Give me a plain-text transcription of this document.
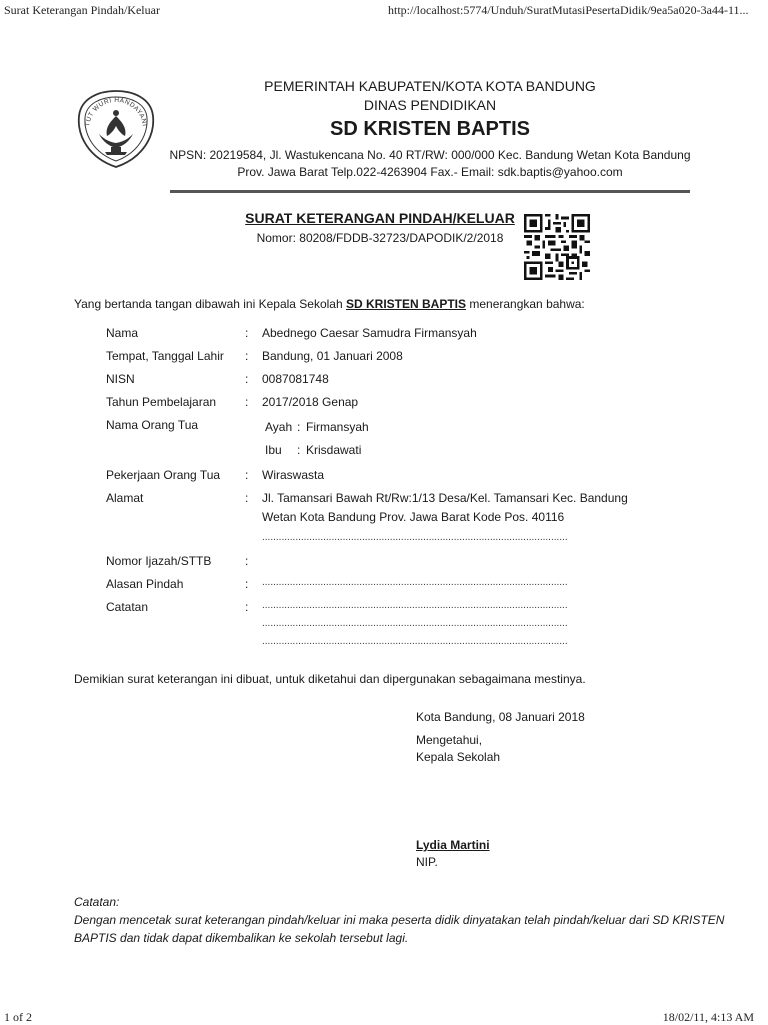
Surat Keterangan Pindah/Keluar	http://localhost:5774/Unduh/SuratMutasiPesertaDidik/9ea5a020-3a44-11...
TUT WURI HANDAYANI
PEMERINTAH KABUPATEN/KOTA KOTA BANDUNG
DINAS PENDIDIKAN
SD KRISTEN BAPTIS
NPSN: 20219584, Jl. Wastukencana No. 40 RT/RW: 000/000 Kec. Bandung Wetan Kota Bandung
Prov. Jawa Barat Telp.022-4263904 Fax.- Email: sdk.baptis@yahoo.com
SURAT KETERANGAN PINDAH/KELUAR
Nomor: 80208/FDDB-32723/DAPODIK/2/2018
Yang bertanda tangan dibawah ini Kepala Sekolah SD KRISTEN BAPTIS menerangkan bahwa:
Nama	: Abednego Caesar Samudra Firmansyah
Tempat, Tanggal Lahir : Bandung, 01 Januari 2008
NISN	: 0087081748
Tahun Pembelajaran : 2017/2018 Genap
Nama Orang Tua	Ayah : Firmansyah
Ibu : Krisdawati
Pekerjaan Orang Tua : Wiraswasta
Alamat	: Jl. Tamansari Bawah Rt/Rw:1/13 Desa/Kel. Tamansari Kec. Bandung
Wetan Kota Bandung Prov. Jawa Barat Kode Pos. 40116
..............................................................................................................
Nomor Ijazah/STTB	:
Alasan Pindah	: ..............................................................................................................
Catatan	: ..............................................................................................................
..............................................................................................................
..............................................................................................................
Demikian surat keterangan ini dibuat, untuk diketahui dan dipergunakan sebagaimana mestinya.
Kota Bandung, 08 Januari 2018
Mengetahui,
Kepala Sekolah
Lydia Martini
NIP.
Catatan:
Dengan mencetak surat keterangan pindah/keluar ini maka peserta didik dinyatakan telah pindah/keluar dari SD KRISTEN
BAPTIS dan tidak dapat dikembalikan ke sekolah tersebut lagi.
1 of 2	18/02/11, 4:13 AM
